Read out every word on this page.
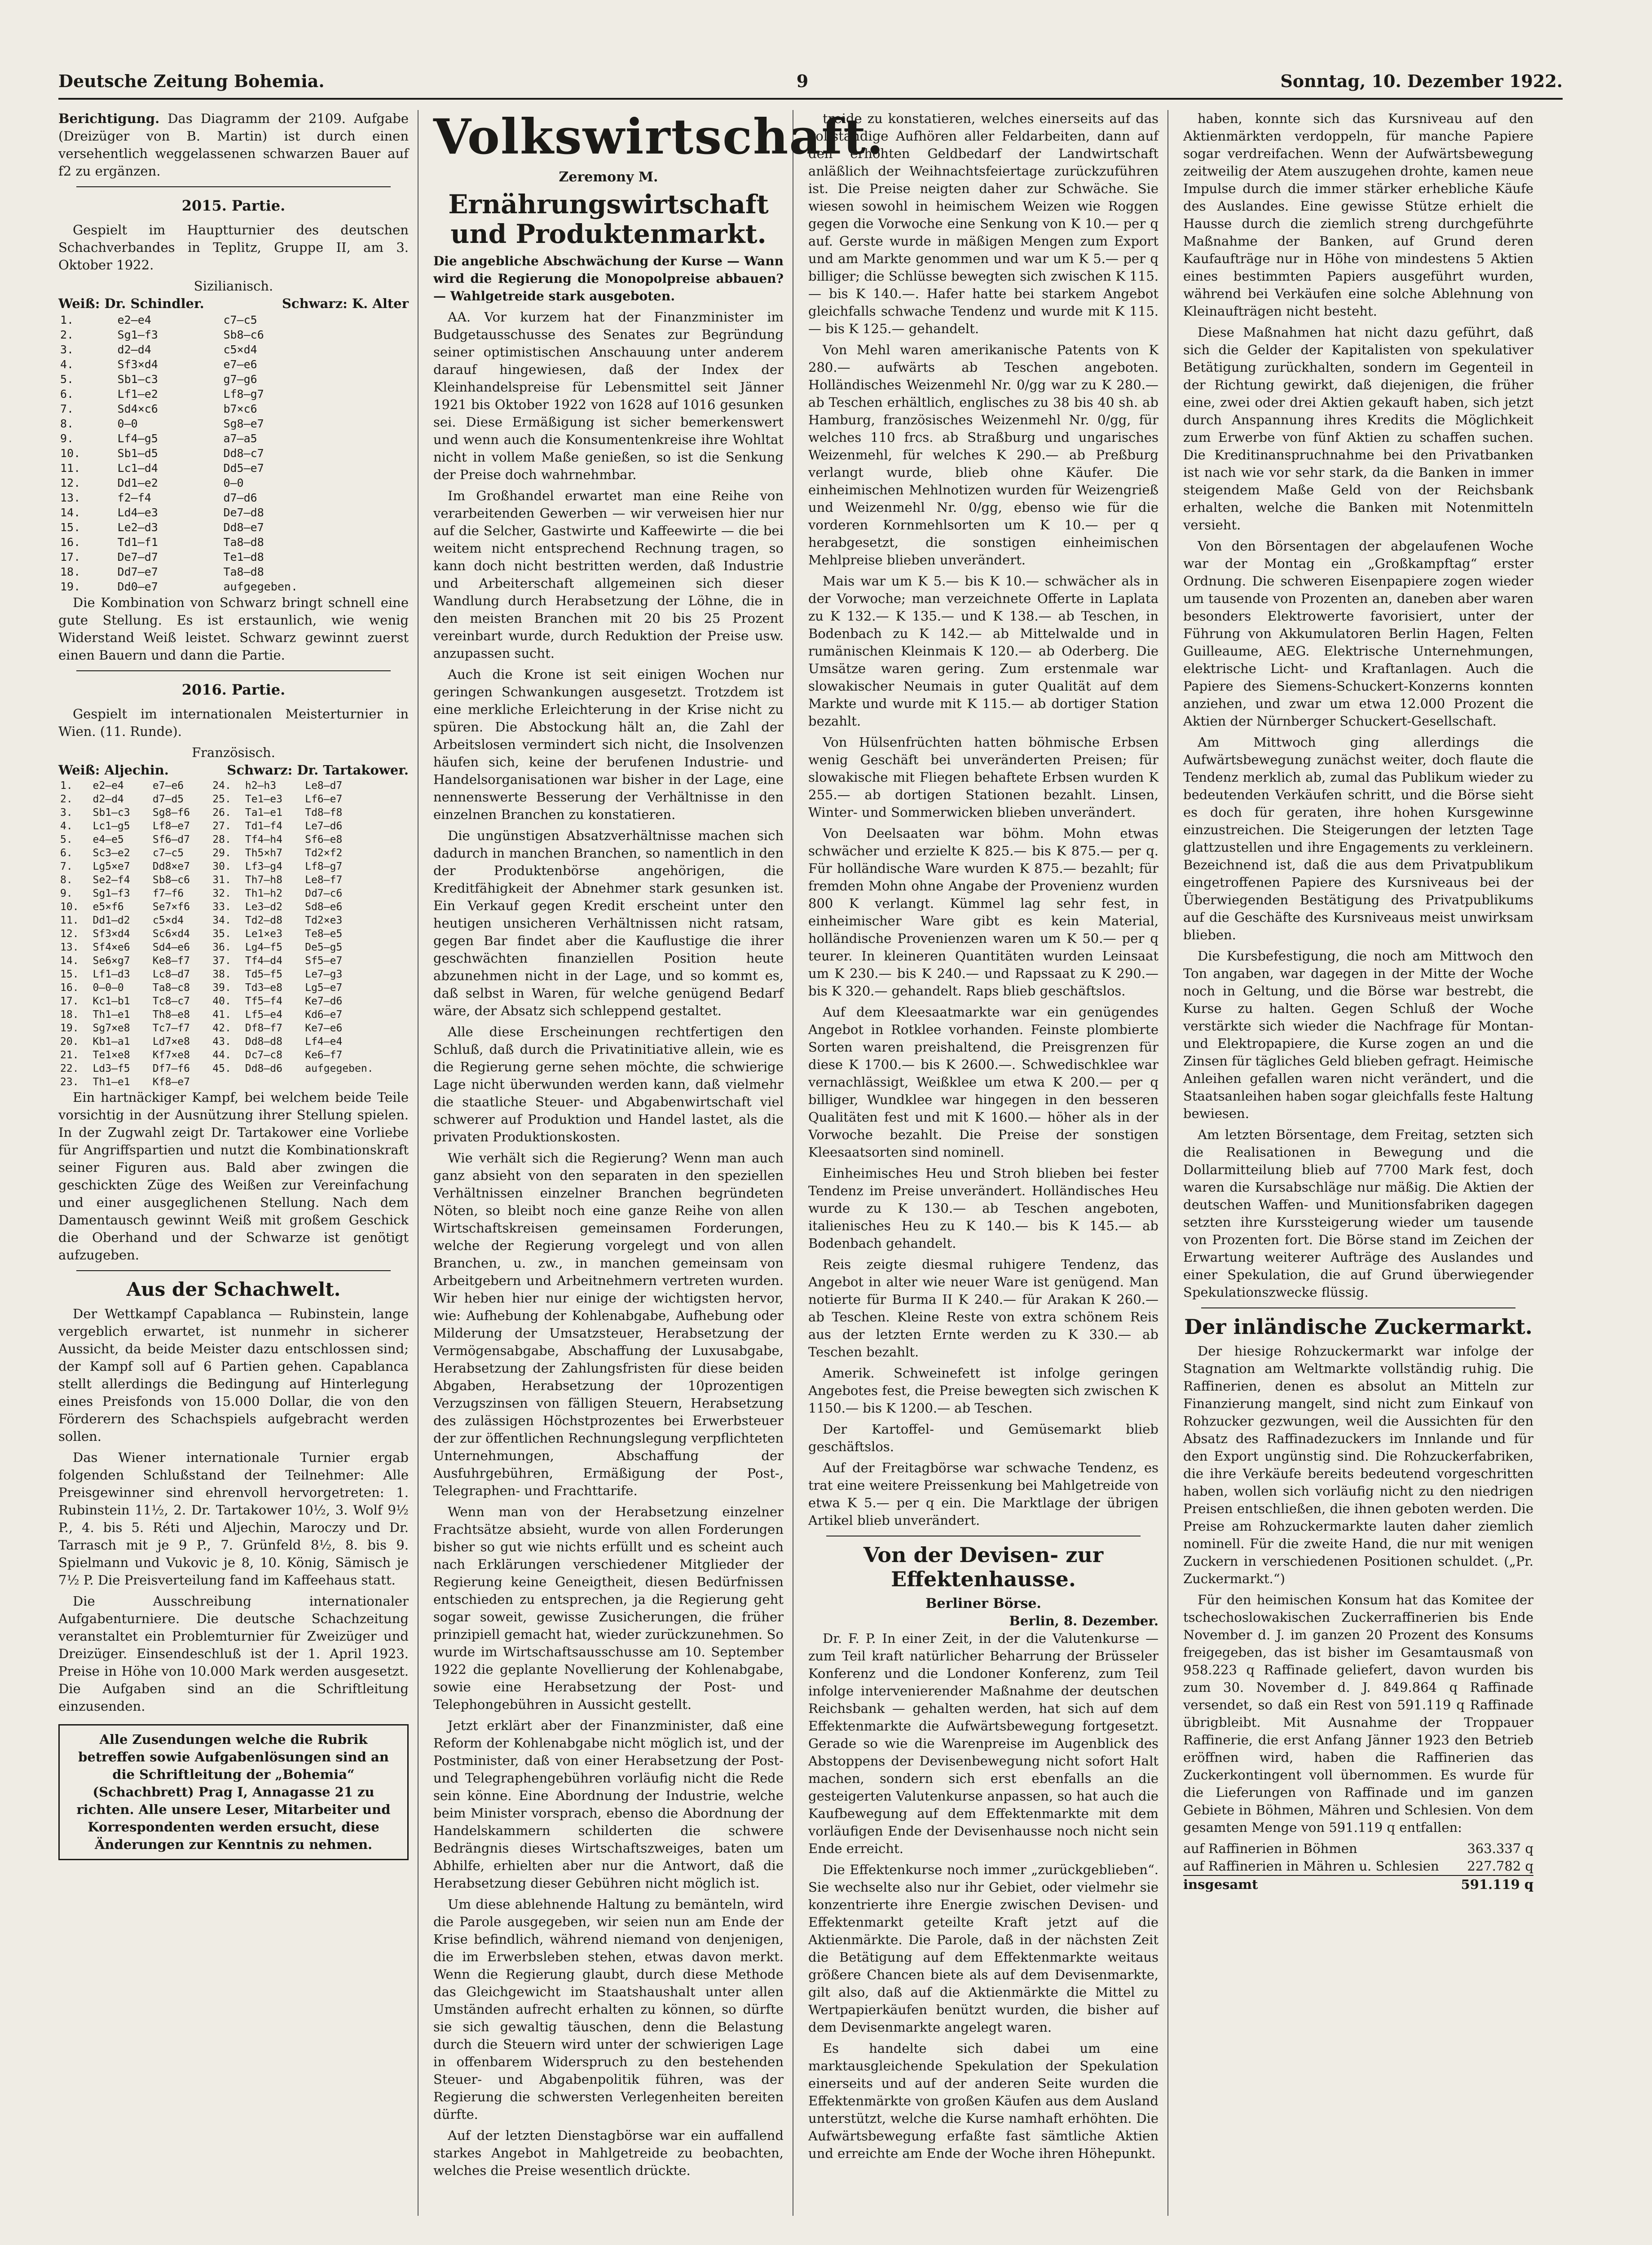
Deutsche Zeitung Bohemia.	9	Sonntag, 10. Dezember 1922.

Berichtigung. Das Diagramm der 2109. Aufgabe (Dreizüger von B. Martin) ist durch einen versehentlich weggelassenen schwarzen Bauer auf f2 zu ergänzen.

2015. Partie.

Gespielt im Hauptturnier des deutschen Schachverbandes in Teplitz, Gruppe II, am 3. Oktober 1922.

Sizilianisch.
Weiß: Dr. Schindler.	Schwarz: K. Alter
1.	e2—e4	c7—c5
2.	Sg1—f3	Sb8—c6
3.	d2—d4	c5×d4
4.	Sf3×d4	e7—e6
5.	Sb1—c3	g7—g6
6.	Lf1—e2	Lf8—g7
7.	Sd4×c6	b7×c6
8.	0—0	Sg8—e7
9.	Lf4—g5	a7—a5
10.	Sb1—d5	Dd8—c7
11.	Lc1—d4	Dd5—e7
12.	Dd1—e2	0—0
13.	f2—f4	d7—d6
14.	Ld4—e3	De7—d8
15.	Le2—d3	Dd8—e7
16.	Td1—f1	Ta8—d8
17.	De7—d7	Te1—d8
18.	Dd7—e7	Ta8—d8
19.	Dd0—e7	aufgegeben.

Die Kombination von Schwarz bringt schnell eine gute Stellung. Es ist erstaunlich, wie wenig Widerstand Weiß leistet. Schwarz gewinnt zuerst einen Bauern und dann die Partie.

2016. Partie.

Gespielt im internationalen Meisterturnier in Wien. (11. Runde).

Französisch.
Weiß: Aljechin.	Schwarz: Dr. Tartakower.
1.	e2—e4	e7—e6	24.	h2—h3	Le8—d7
2.	d2—d4	d7—d5	25.	Te1—e3	Lf6—e7
3.	Sb1—c3	Sg8—f6	26.	Ta1—e1	Td8—f8
4.	Lc1—g5	Lf8—e7	27.	Td1—f4	Le7—d6
5.	e4—e5	Sf6—d7	28.	Tf4—h4	Sf6—e8
6.	Sc3—e2	c7—c5	29.	Th5×h7	Td2×f2
7.	Lg5×e7	Dd8×e7	30.	Lf3—g4	Lf8—g7
8.	Se2—f4	Sb8—c6	31.	Th7—h8	Le8—f7
9.	Sg1—f3	f7—f6	32.	Th1—h2	Dd7—c6
10.	e5×f6	Se7×f6	33.	Le3—d2	Sd8—e6
11.	Dd1—d2	c5×d4	34.	Td2—d8	Td2×e3
12.	Sf3×d4	Sc6×d4	35.	Le1×e3	Te8—e5
13.	Sf4×e6	Sd4—e6	36.	Lg4—f5	De5—g5
14.	Se6×g7	Ke8—f7	37.	Tf4—d4	Sf5—e7
15.	Lf1—d3	Lc8—d7	38.	Td5—f5	Le7—g3
16.	0—0—0	Ta8—c8	39.	Td3—e8	Lg5—e7
17.	Kc1—b1	Tc8—c7	40.	Tf5—f4	Ke7—d6
18.	Th1—e1	Th8—e8	41.	Lf5—e4	Kd6—e7
19.	Sg7×e8	Tc7—f7	42.	Df8—f7	Ke7—e6
20.	Kb1—a1	Ld7×e8	43.	Dd8—d8	Lf4—e4
21.	Te1×e8	Kf7×e8	44.	Dc7—c8	Ke6—f7
22.	Ld3—f5	Df7—f6	45.	Dd8—d6	aufgegeben.
23.	Th1—e1	Kf8—e7			

Ein hartnäckiger Kampf, bei welchem beide Teile vorsichtig in der Ausnützung ihrer Stellung spielen. In der Zugwahl zeigt Dr. Tartakower eine Vorliebe für Angriffspartien und nutzt die Kombinationskraft seiner Figuren aus. Bald aber zwingen die geschickten Züge des Weißen zur Vereinfachung und einer ausgeglichenen Stellung. Nach dem Damentausch gewinnt Weiß mit großem Geschick die Oberhand und der Schwarze ist genötigt aufzugeben.

Aus der Schachwelt.

Der Wettkampf Capablanca — Rubinstein, lange vergeblich erwartet, ist nunmehr in sicherer Aussicht, da beide Meister dazu entschlossen sind; der Kampf soll auf 6 Partien gehen. Capablanca stellt allerdings die Bedingung auf Hinterlegung eines Preisfonds von 15.000 Dollar, die von den Förderern des Schachspiels aufgebracht werden sollen.

Das Wiener internationale Turnier ergab folgenden Schlußstand der Teilnehmer: Alle Preisgewinner sind ehrenvoll hervorgetreten: 1. Rubinstein 11½, 2. Dr. Tartakower 10½, 3. Wolf 9½ P., 4. bis 5. Réti und Aljechin, Maroczy und Dr. Tarrasch mit je 9 P., 7. Grünfeld 8½, 8. bis 9. Spielmann und Vukovic je 8, 10. König, Sämisch je 7½ P. Die Preisverteilung fand im Kaffeehaus statt.

Die Ausschreibung internationaler Aufgabenturniere. Die deutsche Schachzeitung veranstaltet ein Problemturnier für Zweizüger und Dreizüger. Einsendeschluß ist der 1. April 1923. Preise in Höhe von 10.000 Mark werden ausgesetzt. Die Aufgaben sind an die Schriftleitung einzusenden.

Alle Zusendungen welche die Rubrik betreffen sowie Aufgabenlösungen sind an die Schriftleitung der „Bohemia“ (Schachbrett) Prag I, Annagasse 21 zu richten. Alle unsere Leser, Mitarbeiter und Korrespondenten werden ersucht, diese Änderungen zur Kenntnis zu nehmen.
Volkswirtschaft.
Zeremony M.
Ernährungswirtschaft und Produktenmarkt.

Die angebliche Abschwächung der Kurse — Wann wird die Regierung die Monopolpreise abbauen? — Wahlgetreide stark ausgeboten.

AA. Vor kurzem hat der Finanzminister im Budgetausschusse des Senates zur Begründung seiner optimistischen Anschauung unter anderem darauf hingewiesen, daß der Index der Kleinhandelspreise für Lebensmittel seit Jänner 1921 bis Oktober 1922 von 1628 auf 1016 gesunken sei. Diese Ermäßigung ist sicher bemerkenswert und wenn auch die Konsumentenkreise ihre Wohltat nicht in vollem Maße genießen, so ist die Senkung der Preise doch wahrnehmbar.

Im Großhandel erwartet man eine Reihe von verarbeitenden Gewerben — wir verweisen hier nur auf die Selcher, Gastwirte und Kaffeewirte — die bei weitem nicht entsprechend Rechnung tragen, so kann doch nicht bestritten werden, daß Industrie und Arbeiterschaft allgemeinen sich dieser Wandlung durch Herabsetzung der Löhne, die in den meisten Branchen mit 20 bis 25 Prozent vereinbart wurde, durch Reduktion der Preise usw. anzupassen sucht.

Auch die Krone ist seit einigen Wochen nur geringen Schwankungen ausgesetzt. Trotzdem ist eine merkliche Erleichterung in der Krise nicht zu spüren. Die Abstockung hält an, die Zahl der Arbeitslosen vermindert sich nicht, die Insolvenzen häufen sich, keine der berufenen Industrie- und Handelsorganisationen war bisher in der Lage, eine nennenswerte Besserung der Verhältnisse in den einzelnen Branchen zu konstatieren.

Die ungünstigen Absatzverhältnisse machen sich dadurch in manchen Branchen, so namentlich in den der Produktenbörse angehörigen, die Kreditfähigkeit der Abnehmer stark gesunken ist. Ein Verkauf gegen Kredit erscheint unter den heutigen unsicheren Verhältnissen nicht ratsam, gegen Bar findet aber die Kauflustige die ihrer geschwächten finanziellen Position heute abzunehmen nicht in der Lage, und so kommt es, daß selbst in Waren, für welche genügend Bedarf wäre, der Absatz sich schleppend gestaltet.

Alle diese Erscheinungen rechtfertigen den Schluß, daß durch die Privatinitiative allein, wie es die Regierung gerne sehen möchte, die schwierige Lage nicht überwunden werden kann, daß vielmehr die staatliche Steuer- und Abgabenwirtschaft viel schwerer auf Produktion und Handel lastet, als die privaten Produktionskosten.

Wie verhält sich die Regierung? Wenn man auch ganz absieht von den separaten in den speziellen Verhältnissen einzelner Branchen begründeten Nöten, so bleibt noch eine ganze Reihe von allen Wirtschaftskreisen gemeinsamen Forderungen, welche der Regierung vorgelegt und von allen Branchen, u. zw., in manchen gemeinsam von Arbeitgebern und Arbeitnehmern vertreten wurden. Wir heben hier nur einige der wichtigsten hervor, wie: Aufhebung der Kohlenabgabe, Aufhebung oder Milderung der Umsatzsteuer, Herabsetzung der Vermögensabgabe, Abschaffung der Luxusabgabe, Herabsetzung der Zahlungsfristen für diese beiden Abgaben, Herabsetzung der 10prozentigen Verzugszinsen von fälligen Steuern, Herabsetzung des zulässigen Höchstprozentes bei Erwerbsteuer der zur öffentlichen Rechnungslegung verpflichteten Unternehmungen, Abschaffung der Ausfuhrgebühren, Ermäßigung der Post-, Telegraphen- und Frachttarife.

Wenn man von der Herabsetzung einzelner Frachtsätze absieht, wurde von allen Forderungen bisher so gut wie nichts erfüllt und es scheint auch nach Erklärungen verschiedener Mitglieder der Regierung keine Geneigtheit, diesen Bedürfnissen entschieden zu entsprechen, ja die Regierung geht sogar soweit, gewisse Zusicherungen, die früher prinzipiell gemacht hat, wieder zurückzunehmen. So wurde im Wirtschaftsausschusse am 10. September 1922 die geplante Novellierung der Kohlenabgabe, sowie eine Herabsetzung der Post- und Telephongebühren in Aussicht gestellt.

Jetzt erklärt aber der Finanzminister, daß eine Reform der Kohlenabgabe nicht möglich ist, und der Postminister, daß von einer Herabsetzung der Post- und Telegraphengebühren vorläufig nicht die Rede sein könne. Eine Abordnung der Industrie, welche beim Minister vorsprach, ebenso die Abordnung der Handelskammern schilderten die schwere Bedrängnis dieses Wirtschaftszweiges, baten um Abhilfe, erhielten aber nur die Antwort, daß die Herabsetzung dieser Gebühren nicht möglich ist.

Um diese ablehnende Haltung zu bemänteln, wird die Parole ausgegeben, wir seien nun am Ende der Krise befindlich, während niemand von denjenigen, die im Erwerbsleben stehen, etwas davon merkt. Wenn die Regierung glaubt, durch diese Methode das Gleichgewicht im Staatshaushalt unter allen Umständen aufrecht erhalten zu können, so dürfte sie sich gewaltig täuschen, denn die Belastung durch die Steuern wird unter der schwierigen Lage in offenbarem Widerspruch zu den bestehenden Steuer- und Abgabenpolitik führen, was der Regierung die schwersten Verlegenheiten bereiten dürfte.

Auf der letzten Dienstagbörse war ein auffallend starkes Angebot in Mahlgetreide zu beobachten, welches die Preise wesentlich drückte.

treide zu konstatieren, welches einerseits auf das vollständige Aufhören aller Feldarbeiten, dann auf den erhöhten Geldbedarf der Landwirtschaft anläßlich der Weihnachtsfeiertage zurückzuführen ist. Die Preise neigten daher zur Schwäche. Sie wiesen sowohl in heimischem Weizen wie Roggen gegen die Vorwoche eine Senkung von K 10.— per q auf. Gerste wurde in mäßigen Mengen zum Export und am Markte genommen und war um K 5.— per q billiger; die Schlüsse bewegten sich zwischen K 115.— bis K 140.—. Hafer hatte bei starkem Angebot gleichfalls schwache Tendenz und wurde mit K 115.— bis K 125.— gehandelt.

Von Mehl waren amerikanische Patents von K 280.— aufwärts ab Teschen angeboten. Holländisches Weizenmehl Nr. 0/gg war zu K 280.— ab Teschen erhältlich, englisches zu 38 bis 40 sh. ab Hamburg, französisches Weizenmehl Nr. 0/gg, für welches 110 frcs. ab Straßburg und ungarisches Weizenmehl, für welches K 290.— ab Preßburg verlangt wurde, blieb ohne Käufer. Die einheimischen Mehlnotizen wurden für Weizengrieß und Weizenmehl Nr. 0/gg, ebenso wie für die vorderen Kornmehlsorten um K 10.— per q herabgesetzt, die sonstigen einheimischen Mehlpreise blieben unverändert.

Mais war um K 5.— bis K 10.— schwächer als in der Vorwoche; man verzeichnete Offerte in Laplata zu K 132.— K 135.— und K 138.— ab Teschen, in Bodenbach zu K 142.— ab Mittelwalde und in rumänischen Kleinmais K 120.— ab Oderberg. Die Umsätze waren gering. Zum erstenmale war slowakischer Neumais in guter Qualität auf dem Markte und wurde mit K 115.— ab dortiger Station bezahlt.

Von Hülsenfrüchten hatten böhmische Erbsen wenig Geschäft bei unveränderten Preisen; für slowakische mit Fliegen behaftete Erbsen wurden K 255.— ab dortigen Stationen bezahlt. Linsen, Winter- und Sommerwicken blieben unverändert.

Von Deelsaaten war böhm. Mohn etwas schwächer und erzielte K 825.— bis K 875.— per q. Für holländische Ware wurden K 875.— bezahlt; für fremden Mohn ohne Angabe der Provenienz wurden 800 K verlangt. Kümmel lag sehr fest, in einheimischer Ware gibt es kein Material, holländische Provenienzen waren um K 50.— per q teurer. In kleineren Quantitäten wurden Leinsaat um K 230.— bis K 240.— und Rapssaat zu K 290.— bis K 320.— gehandelt. Raps blieb geschäftslos.

Auf dem Kleesaatmarkte war ein genügendes Angebot in Rotklee vorhanden. Feinste plombierte Sorten waren preishaltend, die Preisgrenzen für diese K 1700.— bis K 2600.—. Schwedischklee war vernachlässigt, Weißklee um etwa K 200.— per q billiger, Wundklee war hingegen in den besseren Qualitäten fest und mit K 1600.— höher als in der Vorwoche bezahlt. Die Preise der sonstigen Kleesaatsorten sind nominell.

Einheimisches Heu und Stroh blieben bei fester Tendenz im Preise unverändert. Holländisches Heu wurde zu K 130.— ab Teschen angeboten, italienisches Heu zu K 140.— bis K 145.— ab Bodenbach gehandelt.

Reis zeigte diesmal ruhigere Tendenz, das Angebot in alter wie neuer Ware ist genügend. Man notierte für Burma II K 240.— für Arakan K 260.— ab Teschen. Kleine Reste von extra schönem Reis aus der letzten Ernte werden zu K 330.— ab Teschen bezahlt.

Amerik. Schweinefett ist infolge geringen Angebotes fest, die Preise bewegten sich zwischen K 1150.— bis K 1200.— ab Teschen.

Der Kartoffel- und Gemüsemarkt blieb geschäftslos.

Auf der Freitagbörse war schwache Tendenz, es trat eine weitere Preissenkung bei Mahlgetreide von etwa K 5.— per q ein. Die Marktlage der übrigen Artikel blieb unverändert.

Von der Devisen- zur Effektenhausse.
Berliner Börse.
Berlin, 8. Dezember.

Dr. F. P. In einer Zeit, in der die Valutenkurse — zum Teil kraft natürlicher Beharrung der Brüsseler Konferenz und die Londoner Konferenz, zum Teil infolge intervenierender Maßnahme der deutschen Reichsbank — gehalten werden, hat sich auf dem Effektenmarkte die Aufwärtsbewegung fortgesetzt. Gerade so wie die Warenpreise im Augenblick des Abstoppens der Devisenbewegung nicht sofort Halt machen, sondern sich erst ebenfalls an die gesteigerten Valutenkurse anpassen, so hat auch die Kaufbewegung auf dem Effektenmarkte mit dem vorläufigen Ende der Devisenhausse noch nicht sein Ende erreicht.

Die Effektenkurse noch immer „zurückgeblieben“. Sie wechselte also nur ihr Gebiet, oder vielmehr sie konzentrierte ihre Energie zwischen Devisen- und Effektenmarkt geteilte Kraft jetzt auf die Aktienmärkte. Die Parole, daß in der nächsten Zeit die Betätigung auf dem Effektenmarkte weitaus größere Chancen biete als auf dem Devisenmarkte, gilt also, daß auf die Aktienmärkte die Mittel zu Wertpapierkäufen benützt wurden, die bisher auf dem Devisenmarkte angelegt waren.

Es handelte sich dabei um eine marktausgleichende Spekulation der Spekulation einerseits und auf der anderen Seite wurden die Effektenmärkte von großen Käufen aus dem Ausland unterstützt, welche die Kurse namhaft erhöhten. Die Aufwärtsbewegung erfaßte fast sämtliche Aktien und erreichte am Ende der Woche ihren Höhepunkt.

haben, konnte sich das Kursniveau auf den Aktienmärkten verdoppeln, für manche Papiere sogar verdreifachen. Wenn der Aufwärtsbewegung zeitweilig der Atem auszugehen drohte, kamen neue Impulse durch die immer stärker erhebliche Käufe des Auslandes. Eine gewisse Stütze erhielt die Hausse durch die ziemlich streng durchgeführte Maßnahme der Banken, auf Grund deren Kaufaufträge nur in Höhe von mindestens 5 Aktien eines bestimmten Papiers ausgeführt wurden, während bei Verkäufen eine solche Ablehnung von Kleinaufträgen nicht besteht.

Diese Maßnahmen hat nicht dazu geführt, daß sich die Gelder der Kapitalisten von spekulativer Betätigung zurückhalten, sondern im Gegenteil in der Richtung gewirkt, daß diejenigen, die früher eine, zwei oder drei Aktien gekauft haben, sich jetzt durch Anspannung ihres Kredits die Möglichkeit zum Erwerbe von fünf Aktien zu schaffen suchen. Die Kreditinanspruchnahme bei den Privatbanken ist nach wie vor sehr stark, da die Banken in immer steigendem Maße Geld von der Reichsbank erhalten, welche die Banken mit Notenmitteln versieht.

Von den Börsentagen der abgelaufenen Woche war der Montag ein „Großkampftag“ erster Ordnung. Die schweren Eisenpapiere zogen wieder um tausende von Prozenten an, daneben aber waren besonders Elektrowerte favorisiert, unter der Führung von Akkumulatoren Berlin Hagen, Felten Guilleaume, AEG. Elektrische Unternehmungen, elektrische Licht- und Kraftanlagen. Auch die Papiere des Siemens-Schuckert-Konzerns konnten anziehen, und zwar um etwa 12.000 Prozent die Aktien der Nürnberger Schuckert-Gesellschaft.

Am Mittwoch ging allerdings die Aufwärtsbewegung zunächst weiter, doch flaute die Tendenz merklich ab, zumal das Publikum wieder zu bedeutenden Verkäufen schritt, und die Börse sieht es doch für geraten, ihre hohen Kursgewinne einzustreichen. Die Steigerungen der letzten Tage glattzustellen und ihre Engagements zu verkleinern. Bezeichnend ist, daß die aus dem Privatpublikum eingetroffenen Papiere des Kursniveaus bei der Überwiegenden Bestätigung des Privatpublikums auf die Geschäfte des Kursniveaus meist unwirksam blieben.

Die Kursbefestigung, die noch am Mittwoch den Ton angaben, war dagegen in der Mitte der Woche noch in Geltung, und die Börse war bestrebt, die Kurse zu halten. Gegen Schluß der Woche verstärkte sich wieder die Nachfrage für Montan- und Elektropapiere, die Kurse zogen an und die Zinsen für tägliches Geld blieben gefragt. Heimische Anleihen gefallen waren nicht verändert, und die Staatsanleihen haben sogar gleichfalls feste Haltung bewiesen.

Am letzten Börsentage, dem Freitag, setzten sich die Realisationen in Bewegung und die Dollarmitteilung blieb auf 7700 Mark fest, doch waren die Kursabschläge nur mäßig. Die Aktien der deutschen Waffen- und Munitionsfabriken dagegen setzten ihre Kurssteigerung wieder um tausende von Prozenten fort. Die Börse stand im Zeichen der Erwartung weiterer Aufträge des Auslandes und einer Spekulation, die auf Grund überwiegender Spekulationszwecke flüssig.

Der inländische Zuckermarkt.

Der hiesige Rohzuckermarkt war infolge der Stagnation am Weltmarkte vollständig ruhig. Die Raffinerien, denen es absolut an Mitteln zur Finanzierung mangelt, sind nicht zum Einkauf von Rohzucker gezwungen, weil die Aussichten für den Absatz des Raffinadezuckers im Innlande und für den Export ungünstig sind. Die Rohzuckerfabriken, die ihre Verkäufe bereits bedeutend vorgeschritten haben, wollen sich vorläufig nicht zu den niedrigen Preisen entschließen, die ihnen geboten werden. Die Preise am Rohzuckermarkte lauten daher ziemlich nominell. Für die zweite Hand, die nur mit wenigen Zuckern in verschiedenen Positionen schuldet. („Pr. Zuckermarkt.“)

Für den heimischen Konsum hat das Komitee der tschechoslowakischen Zuckerraffinerien bis Ende November d. J. im ganzen 20 Prozent des Konsums freigegeben, das ist bisher im Gesamtausmaß von 958.223 q Raffinade geliefert, davon wurden bis zum 30. November d. J. 849.864 q Raffinade versendet, so daß ein Rest von 591.119 q Raffinade übrigbleibt. Mit Ausnahme der Troppauer Raffinerie, die erst Anfang Jänner 1923 den Betrieb eröffnen wird, haben die Raffinerien das Zuckerkontingent voll übernommen. Es wurde für die Lieferungen von Raffinade und im ganzen Gebiete in Böhmen, Mähren und Schlesien. Von dem gesamten Menge von 591.119 q entfallen:

auf Raffinerien in Böhmen	363.337 q
auf Raffinerien in Mähren u. Schlesien 227.782 q
insgesamt	591.119 q
